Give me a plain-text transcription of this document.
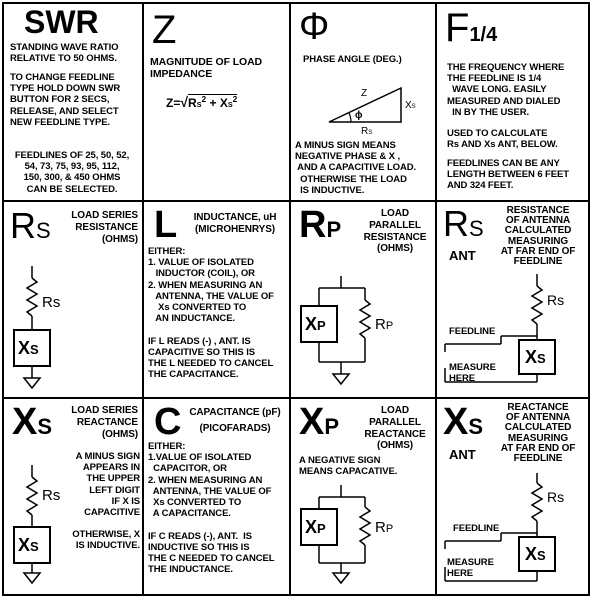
SWR
STANDING WAVE RATIO
RELATIVE TO 50 OHMS.
TO CHANGE FEEDLINE
TYPE HOLD DOWN SWR
BUTTON FOR 2 SECS,
RELEASE, AND SELECT
NEW FEEDLINE TYPE.
FEEDLINES OF 25, 50, 52,
54, 73, 75, 93, 95, 112,
150, 300, & 450 OHMS
CAN BE SELECTED.
Z
MAGNITUDE OF LOAD
IMPEDANCE
$Z=√RS^2 + XS^2$
Φ
PHASE ANGLE (DEG.)
Z
ϕ
XS
RS
A MINUS SIGN MEANS
NEGATIVE PHASE & X ,
AND A CAPACITIVE LOAD.
OTHERWISE THE LOAD
IS INDUCTIVE.
F1/4
THE FREQUENCY WHERE
THE FEEDLINE IS 1/4
WAVE LONG. EASILY
MEASURED AND DIALED
IN BY THE USER.
USED TO CALCULATE
Rs AND Xs ANT, BELOW.
FEEDLINES CAN BE ANY
LENGTH BETWEEN 6 FEET
AND 324 FEET.
RS
LOAD SERIES
RESISTANCE
(OHMS)
Rs
XS
L	INDUCTANCE, uH
(MICROHENRYS)
EITHER:
1. VALUE OF ISOLATED
INDUCTOR (COIL), OR
2. WHEN MEASURING AN
ANTENNA, THE VALUE OF
Xs CONVERTED TO
AN INDUCTANCE.

IF L READS (-) , ANT. IS
CAPACITIVE SO THIS IS
THE L NEEDED TO CANCEL
THE CAPACITANCE.
RP
LOAD
PARALLEL
RESISTANCE
(OHMS)
XP	RP
RS
ANT
RESISTANCE
OF ANTENNA
CALCULATED
MEASURING
AT FAR END OF
FEEDLINE
Rs
FEEDLINE
MEASURE
HERE
XS
XS
LOAD SERIES
REACTANCE
(OHMS)
A MINUS SIGN
APPEARS IN
THE UPPER
LEFT DIGIT
IF X IS
CAPACITIVE
OTHERWISE, X
IS INDUCTIVE.
Rs
XS
C CAPACITANCE (pF)
(PICOFARADS)
EITHER:
1.VALUE OF ISOLATED
CAPACITOR, OR
2. WHEN MEASURING AN
ANTENNA, THE VALUE OF
Xs CONVERTED TO
A CAPACITANCE.

IF C READS (-), ANT.  IS
INDUCTIVE SO THIS IS
THE C NEEDED TO CANCEL
THE INDUCTANCE.
XP
LOAD
PARALLEL
REACTANCE
(OHMS)
A NEGATIVE SIGN
MEANS CAPACATIVE.
XP	RP
XS
ANT
REACTANCE
OF ANTENNA
CALCULATED
MEASURING
AT FAR END OF
FEEDLINE
Rs
FEEDLINE
MEASURE
HERE
XS
